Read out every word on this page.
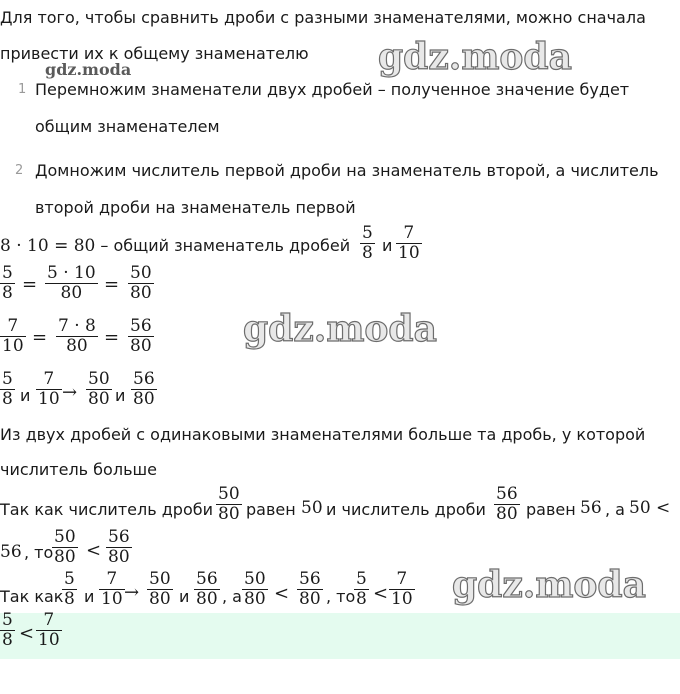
Для того, чтобы сравнить дроби с разными знаменателями, можно сначала
привести их к общему знаменателю
gdz.moda	gdz.moda
gdz.moda
gdz.moda
1 Перемножим знаменатели двух дробей – полученное значение будет
общим знаменателем
2 Домножим числитель первой дроби на знаменатель второй, а числитель
второй дроби на знаменатель первой
8 · 10 = 80 – общий знаменатель дробей
5
8 и
7
10
5
8 =
5 · 10
80 =
50
80
7
10 =
7 · 8
80 =
56
80
5
8 и
7
10 →
50
80 и
56
80
Из двух дробей с одинаковыми знаменателями больше та дробь, у которой
числитель больше
Так как числитель дроби
50
80 равен 50 и числитель дроби
56
80 равен 56 , а 50 <
56 , то
50
80 <
56
80
Так как
5
8 и
7
10 →
50
80 и
56
80 , а
50
80 <
56
80 , то
5
8 <
7
10
5
8 <
7
10
